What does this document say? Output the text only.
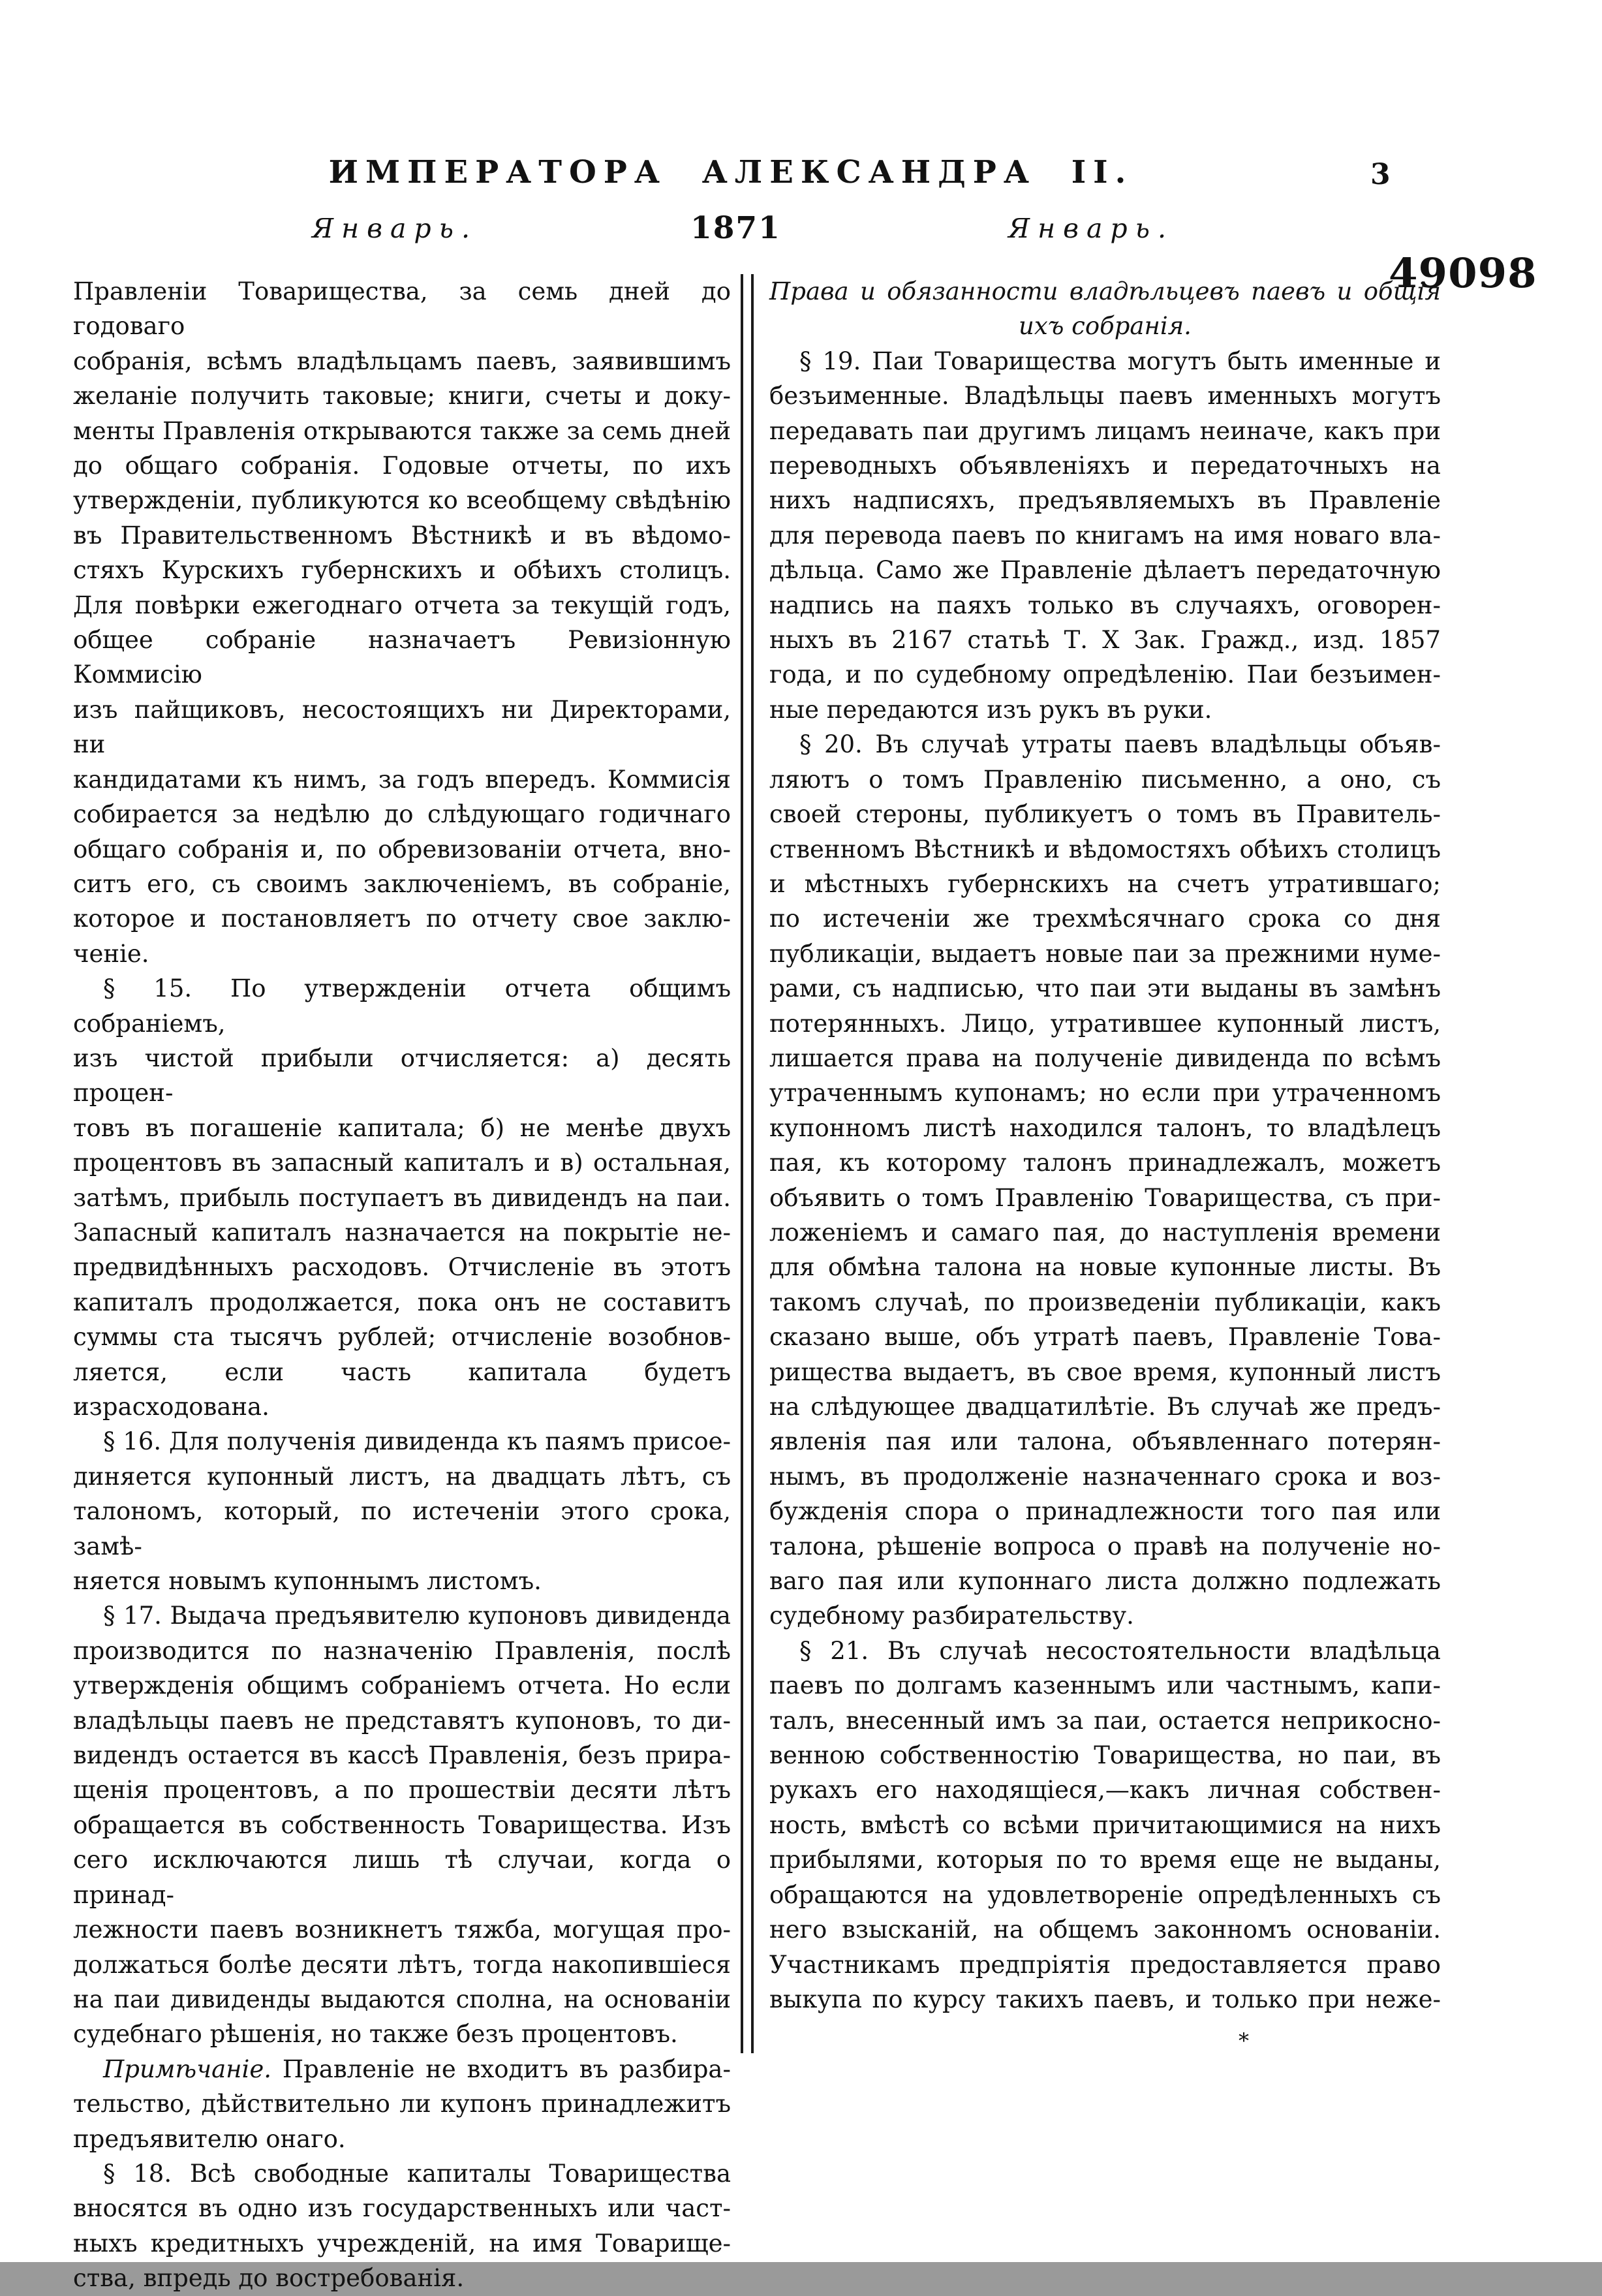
ИМПЕРАТОРА АЛЕКСАНДРА II.	3
Январь.	1871	Январь.
49098
Правленіи Товарищества, за семь дней до годоваго
собранія, всѣмъ владѣльцамъ паевъ, заявившимъ
желаніе получить таковые; книги, счеты и доку-
менты Правленія открываются также за семь дней
до общаго собранія. Годовые отчеты, по ихъ
утвержденіи, публикуются ко всеобщему свѣдѣнію
въ Правительственномъ Вѣстникѣ и въ вѣдомо-
стяхъ Курскихъ губернскихъ и обѣихъ столицъ.
Для повѣрки ежегоднаго отчета за текущій годъ,
общее собраніе назначаетъ Ревизіонную Коммисію
изъ пайщиковъ, несостоящихъ ни Директорами, ни
кандидатами къ нимъ, за годъ впередъ. Коммисія
собирается за недѣлю до слѣдующаго годичнаго
общаго собранія и, по обревизованіи отчета, вно-
ситъ его, съ своимъ заключеніемъ, въ собраніе,
которое и постановляетъ по отчету свое заклю-
ченіе.
§ 15. По утвержденіи отчета общимъ собраніемъ,
изъ чистой прибыли отчисляется: а) десять процен-
товъ въ погашеніе капитала; б) не менѣе двухъ
процентовъ въ запасный капиталъ и в) остальная,
затѣмъ, прибыль поступаетъ въ дивидендъ на паи.
Запасный капиталъ назначается на покрытіе не-
предвидѣнныхъ расходовъ. Отчисленіе въ этотъ
капиталъ продолжается, пока онъ не составитъ
суммы ста тысячъ рублей; отчисленіе возобнов-
ляется, если часть капитала будетъ израсходована.
§ 16. Для полученія дивиденда къ паямъ присое-
диняется купонный листъ, на двадцать лѣтъ, съ
талономъ, который, по истеченіи этого срока, замѣ-
няется новымъ купоннымъ листомъ.
§ 17. Выдача предъявителю купоновъ дивиденда
производится по назначенію Правленія, послѣ
утвержденія общимъ собраніемъ отчета. Но если
владѣльцы паевъ не представятъ купоновъ, то ди-
видендъ остается въ кассѣ Правленія, безъ прира-
щенія процентовъ, а по прошествіи десяти лѣтъ
обращается въ собственность Товарищества. Изъ
сего исключаются лишь тѣ случаи, когда о принад-
лежности паевъ возникнетъ тяжба, могущая про-
должаться болѣе десяти лѣтъ, тогда накопившіеся
на паи дивиденды выдаются сполна, на основаніи
судебнаго рѣшенія, но также безъ процентовъ.
Примѣчаніе. Правленіе не входитъ въ разбира-
тельство, дѣйствительно ли купонъ принадлежитъ
предъявителю онаго.
§ 18. Всѣ свободные капиталы Товарищества
вносятся въ одно изъ государственныхъ или част-
ныхъ кредитныхъ учрежденій, на имя Товарище-
ства, впредь до востребованія.
Права и обязанности владѣльцевъ паевъ и общія
ихъ собранія.
§ 19. Паи Товарищества могутъ быть именные и
безъименные. Владѣльцы паевъ именныхъ могутъ
передавать паи другимъ лицамъ неиначе, какъ при
переводныхъ объявленіяхъ и передаточныхъ на
нихъ надписяхъ, предъявляемыхъ въ Правленіе
для перевода паевъ по книгамъ на имя новаго вла-
дѣльца. Само же Правленіе дѣлаетъ передаточную
надпись на паяхъ только въ случаяхъ, оговорен-
ныхъ въ 2167 статьѣ Т. X Зак. Гражд., изд. 1857
года, и по судебному опредѣленію. Паи безъимен-
ные передаются изъ рукъ въ руки.
§ 20. Въ случаѣ утраты паевъ владѣльцы объяв-
ляютъ о томъ Правленію письменно, а оно, съ
своей стероны, публикуетъ о томъ въ Правитель-
ственномъ Вѣстникѣ и вѣдомостяхъ обѣихъ столицъ
и мѣстныхъ губернскихъ на счетъ утратившаго;
по истеченіи же трехмѣсячнаго срока со дня
публикаціи, выдаетъ новые паи за прежними нуме-
рами, съ надписью, что паи эти выданы въ замѣнъ
потерянныхъ. Лицо, утратившее купонный листъ,
лишается права на полученіе дивиденда по всѣмъ
утраченнымъ купонамъ; но если при утраченномъ
купонномъ листѣ находился талонъ, то владѣлецъ
пая, къ которому талонъ принадлежалъ, можетъ
объявить о томъ Правленію Товарищества, съ при-
ложеніемъ и самаго пая, до наступленія времени
для обмѣна талона на новые купонные листы. Въ
такомъ случаѣ, по произведеніи публикаціи, какъ
сказано выше, объ утратѣ паевъ, Правленіе Това-
рищества выдаетъ, въ свое время, купонный листъ
на слѣдующее двадцатилѣтіе. Въ случаѣ же предъ-
явленія пая или талона, объявленнаго потерян-
нымъ, въ продолженіе назначеннаго срока и воз-
бужденія спора о принадлежности того пая или
талона, рѣшеніе вопроса о правѣ на полученіе но-
ваго пая или купоннаго листа должно подлежать
судебному разбирательству.
§ 21. Въ случаѣ несостоятельности владѣльца
паевъ по долгамъ казеннымъ или частнымъ, капи-
талъ, внесенный имъ за паи, остается неприкосно-
венною собственностію Товарищества, но паи, въ
рукахъ его находящіеся,—какъ личная собствен-
ность, вмѣстѣ со всѣми причитающимися на нихъ
прибылями, которыя по то время еще не выданы,
обращаются на удовлетвореніе опредѣленныхъ съ
него взысканій, на общемъ законномъ основаніи.
Участникамъ предпріятія предоставляется право
выкупа по курсу такихъ паевъ, и только при неже-
*
